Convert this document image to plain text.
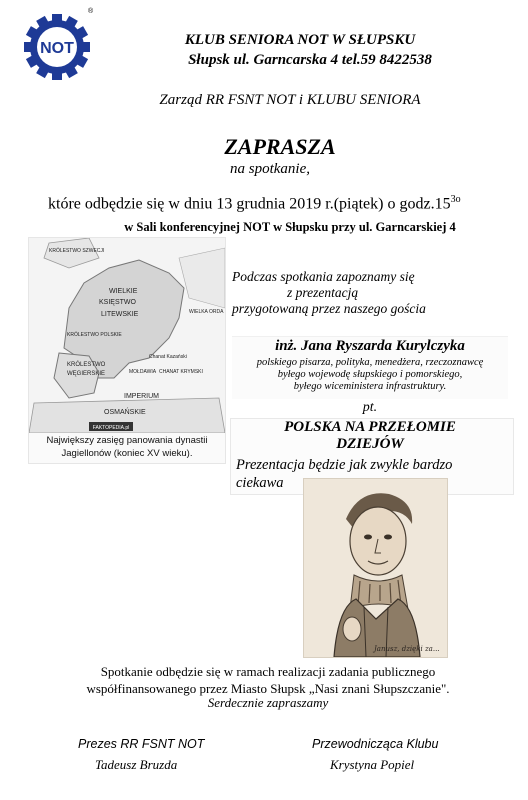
NOT
®
KLUB SENIORA NOT W SŁUPSKU
Słupsk ul. Garncarska 4 tel.59 8422538
Zarząd RR FSNT NOT i KLUBU SENIORA
ZAPRASZA
na spotkanie,
które odbędzie się w dniu 13 grudnia 2019 r.(piątek) o $godz.15^{3o}$
w Sali konferencyjnej NOT w Słupsku przy ul. Garncarskiej 4
WIELKIE
KSIĘSTWO
LITEWSKIE
KRÓLESTWO POLSKIE
KRÓLESTWO
WĘGIERSKIE
IMPERIUM
OSMAŃSKIE
KRÓLESTWO SZWECJI
CHANAT KRYMSKI
WIELKA ORDA
Chanat Kazański
MOŁDAWIA
FAKTOPEDIA.pl
Największy zasięg panowania dynastii
Jagiellonów (koniec XV wieku).
Podczas spotkania zapoznamy się
z prezentacją
przygotowaną przez naszego gościa
inż. Jana Ryszarda Kurylczyka
polskiego pisarza, polityka, menedżera, rzeczoznawcę
byłego wojewodę słupskiego i pomorskiego,
byłego wiceministera infrastruktury.
pt.
POLSKA NA PRZEŁOMIE
DZIEJÓW
Prezentacja będzie jak zwykle bardzo
ciekawa
Janusz, dzięki za...
Spotkanie odbędzie się w ramach realizacji zadania publicznego
współfinansowanego przez Miasto Słupsk „Nasi znani Słupszczanie".
Serdecznie zapraszamy
Prezes RR FSNT NOT
Tadeusz Bruzda
Przewodnicząca Klubu
Krystyna Popiel
